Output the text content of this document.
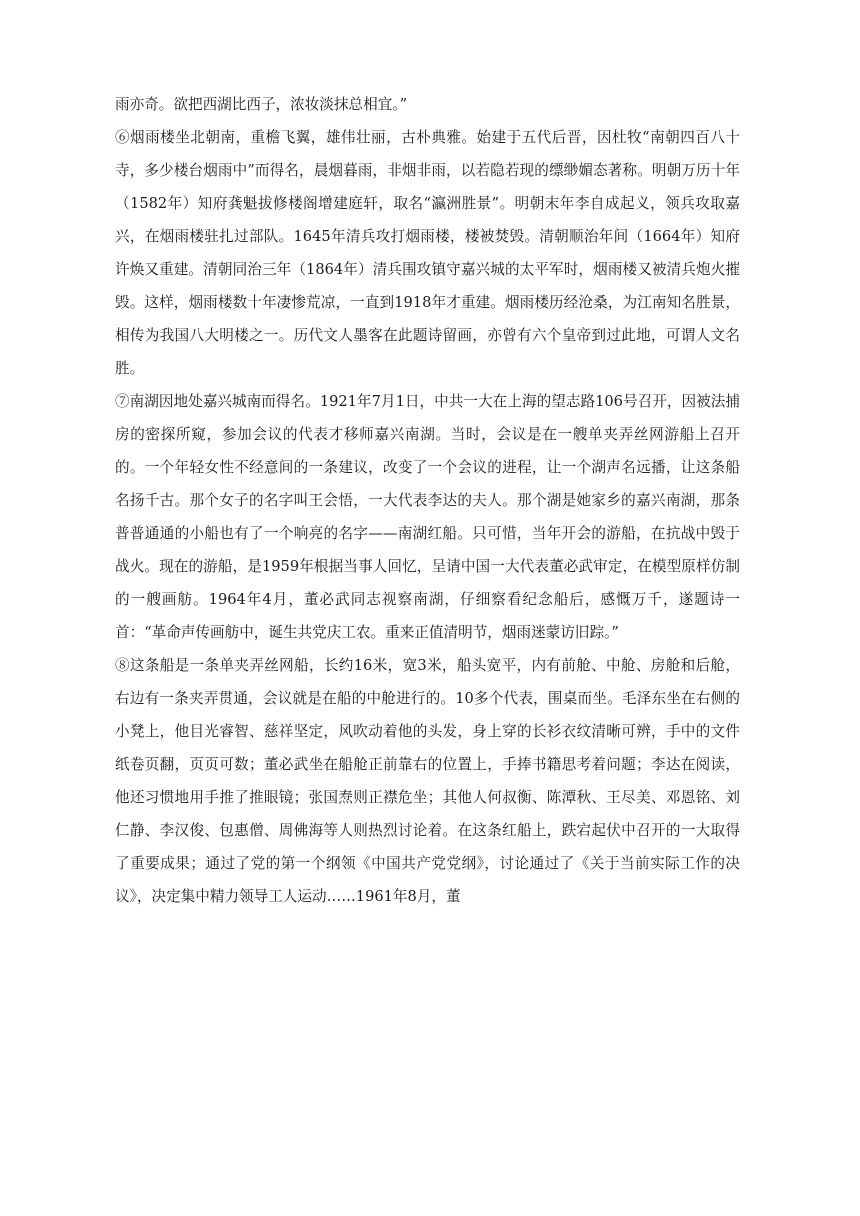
雨亦奇。欲把西湖比西子，浓妆淡抹总相宜。”

⑥烟雨楼坐北朝南，重檐飞翼，雄伟壮丽，古朴典雅。始建于五代后晋，因杜牧“南朝四百八十寺，多少楼台烟雨中”而得名，晨烟暮雨，非烟非雨，以若隐若现的缥缈媚态著称。明朝万历十年（1582年）知府龚魁拔修楼阁增建庭轩，取名“瀛洲胜景”。明朝末年李自成起义，领兵攻取嘉兴，在烟雨楼驻扎过部队。1645年清兵攻打烟雨楼，楼被焚毁。清朝顺治年间（1664年）知府许焕又重建。清朝同治三年（1864年）清兵围攻镇守嘉兴城的太平军时，烟雨楼又被清兵炮火摧毁。这样，烟雨楼数十年凄惨荒凉，一直到1918年才重建。烟雨楼历经沧桑，为江南知名胜景，相传为我国八大明楼之一。历代文人墨客在此题诗留画，亦曾有六个皇帝到过此地，可谓人文名胜。

⑦南湖因地处嘉兴城南而得名。1921年7月1日，中共一大在上海的望志路106号召开，因被法捕房的密探所窥，参加会议的代表才移师嘉兴南湖。当时，会议是在一艘单夹弄丝网游船上召开的。一个年轻女性不经意间的一条建议，改变了一个会议的进程，让一个湖声名远播，让这条船名扬千古。那个女子的名字叫王会悟，一大代表李达的夫人。那个湖是她家乡的嘉兴南湖，那条普普通通的小船也有了一个响亮的名字——南湖红船。只可惜，当年开会的游船，在抗战中毁于战火。现在的游船，是1959年根据当事人回忆，呈请中国一大代表董必武审定，在模型原样仿制的一艘画舫。1964年4月，董必武同志视察南湖，仔细察看纪念船后，感慨万千，遂题诗一首：“革命声传画舫中，诞生共党庆工农。重来正值清明节，烟雨迷蒙访旧踪。”

⑧这条船是一条单夹弄丝网船，长约16米，宽3米，船头宽平，内有前舱、中舱、房舱和后舱，右边有一条夹弄贯通，会议就是在船的中舱进行的。10多个代表，围桌而坐。毛泽东坐在右侧的小凳上，他目光睿智、慈祥坚定，风吹动着他的头发，身上穿的长衫衣纹清晰可辨，手中的文件纸卷页翻，页页可数；董必武坐在船舱正前靠右的位置上，手捧书籍思考着问题；李达在阅读，他还习惯地用手推了推眼镜；张国焘则正襟危坐；其他人何叔衡、陈潭秋、王尽美、邓恩铭、刘仁静、李汉俊、包惠僧、周佛海等人则热烈讨论着。在这条红船上，跌宕起伏中召开的一大取得了重要成果；通过了党的第一个纲领《中国共产党党纲》，讨论通过了《关于当前实际工作的决议》，决定集中精力领导工人运动……1961年8月，董
